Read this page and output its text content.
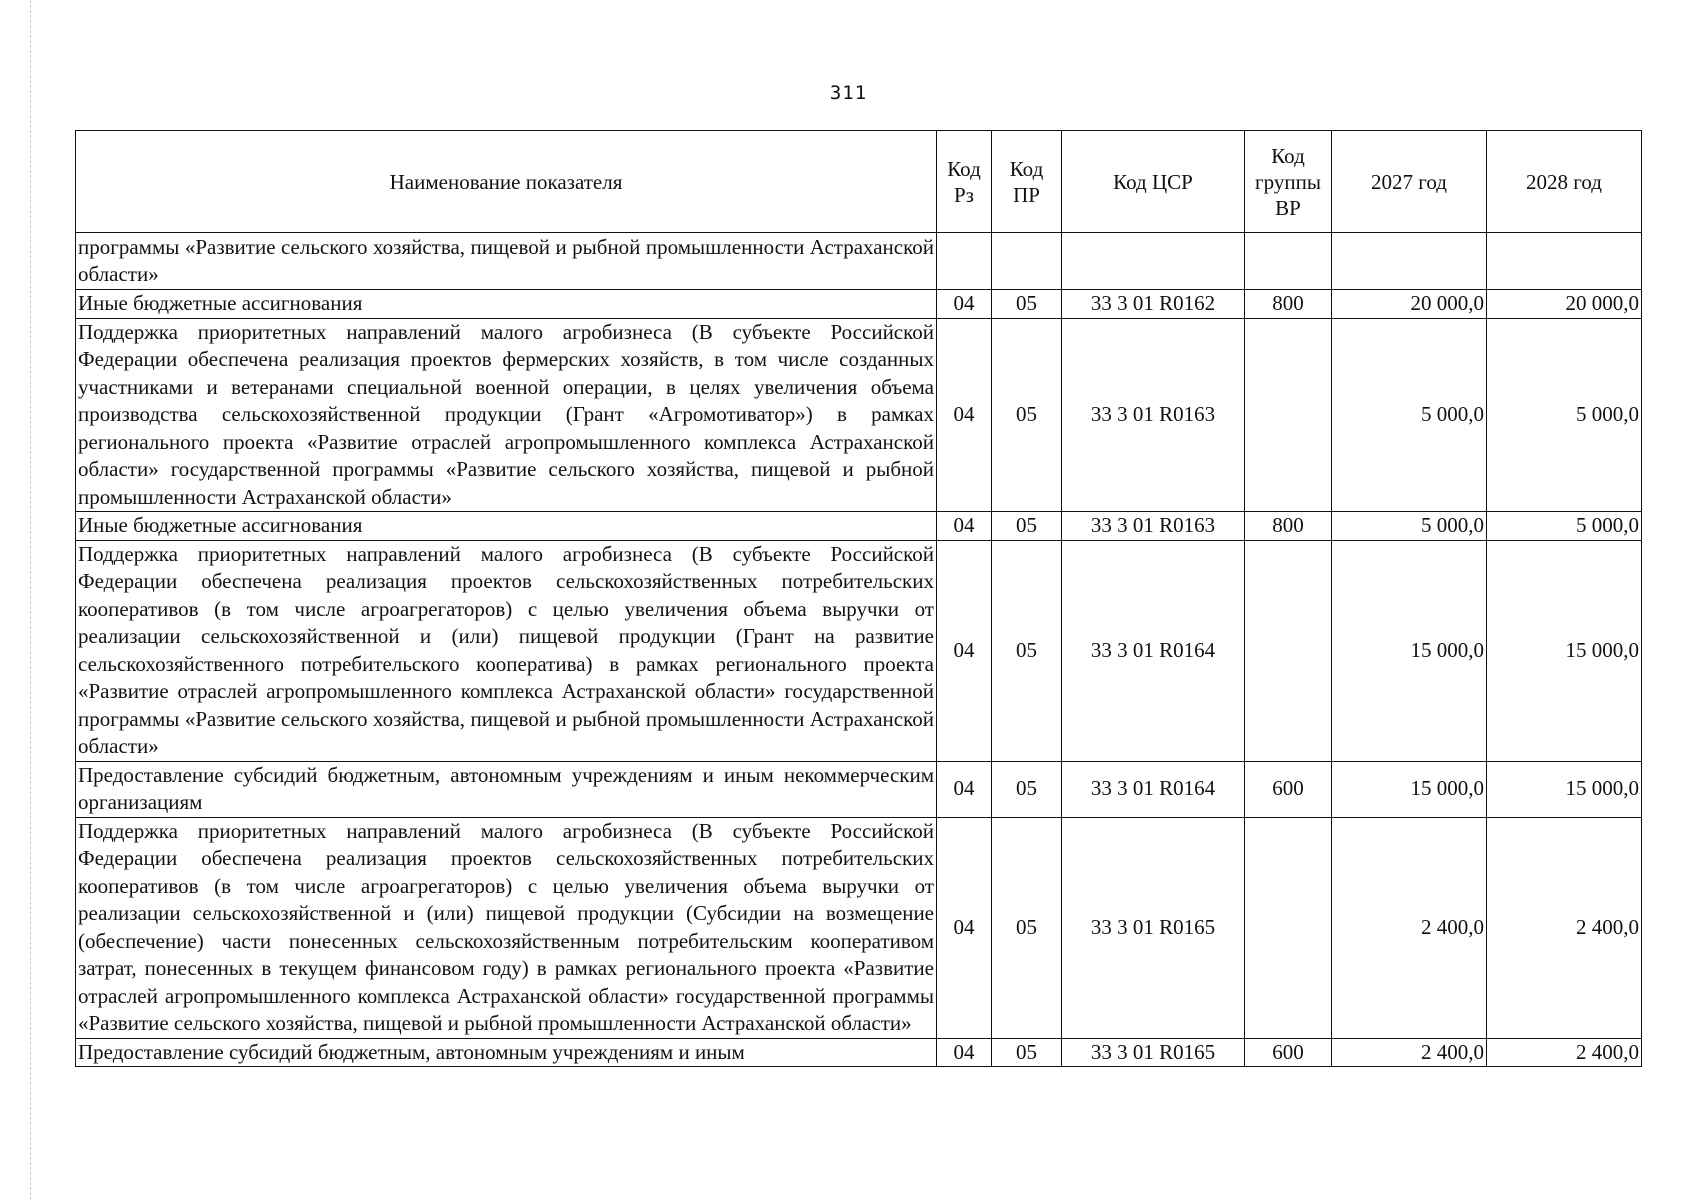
311
Наименование показателя	Код Рз	Код ПР	Код ЦСР	Код группы ВР	2027 год	2028 год
программы «Развитие сельского хозяйства, пищевой и рыбной промышленности Астраханской области»						
Иные бюджетные ассигнования	04	05	33 3 01 R0162	800	20 000,0	20 000,0
Поддержка приоритетных направлений малого агробизнеса (В субъекте Российской Федерации обеспечена реализация проектов фермерских хозяйств, в том числе созданных участниками и ветеранами специальной военной операции, в целях увеличения объема производства сельскохозяйственной продукции (Грант «Агромотиватор») в рамках регионального проекта «Развитие отраслей агропромышленного комплекса Астраханской области» государственной программы «Развитие сельского хозяйства, пищевой и рыбной промышленности Астраханской области»	04	05	33 3 01 R0163		5 000,0	5 000,0
Иные бюджетные ассигнования	04	05	33 3 01 R0163	800	5 000,0	5 000,0
Поддержка приоритетных направлений малого агробизнеса (В субъекте Российской Федерации обеспечена реализация проектов сельскохозяйственных потребительских кооперативов (в том числе агроагрегаторов) с целью увеличения объема выручки от реализации сельскохозяйственной и (или) пищевой продукции (Грант на развитие сельскохозяйственного потребительского кооператива) в рамках регионального проекта «Развитие отраслей агропромышленного комплекса Астраханской области» государственной программы «Развитие сельского хозяйства, пищевой и рыбной промышленности Астраханской области»	04	05	33 3 01 R0164		15 000,0	15 000,0
Предоставление субсидий бюджетным, автономным учреждениям и иным некоммерческим организациям	04	05	33 3 01 R0164	600	15 000,0	15 000,0
Поддержка приоритетных направлений малого агробизнеса (В субъекте Российской Федерации обеспечена реализация проектов сельскохозяйственных потребительских кооперативов (в том числе агроагрегаторов) с целью увеличения объема выручки от реализации сельскохозяйственной и (или) пищевой продукции (Субсидии на возмещение (обеспечение) части понесенных сельскохозяйственным потребительским кооперативом затрат, понесенных в текущем финансовом году) в рамках регионального проекта «Развитие отраслей агропромышленного комплекса Астраханской области» государственной программы «Развитие сельского хозяйства, пищевой и рыбной промышленности Астраханской области»	04	05	33 3 01 R0165		2 400,0	2 400,0
Предоставление субсидий бюджетным, автономным учреждениям и иным	04	05	33 3 01 R0165	600	2 400,0	2 400,0
